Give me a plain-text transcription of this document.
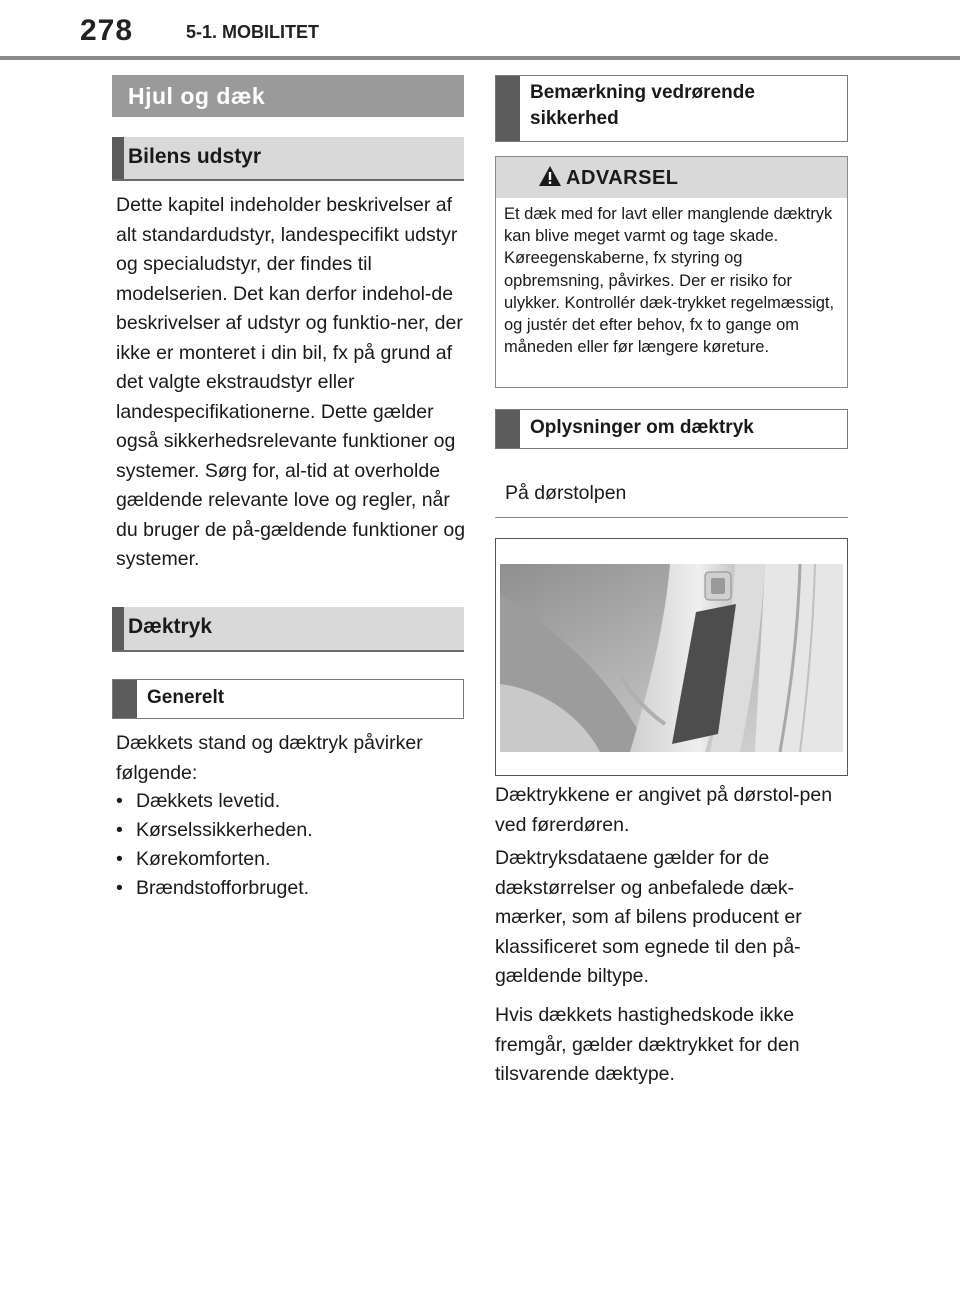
278	5-1. MOBILITET
Hjul og dæk
Bilens udstyr

Dette kapitel indeholder beskrivelser af alt standardudstyr, landespecifikt udstyr og specialudstyr, der findes til modelserien. Det kan derfor indehol-de beskrivelser af udstyr og funktio-ner, der ikke er monteret i din bil, fx på grund af det valgte ekstraudstyr eller landespecifikationerne. Dette gælder også sikkerhedsrelevante funktioner og systemer. Sørg for, al-tid at overholde gældende relevante love og regler, når du bruger de på-gældende funktioner og systemer.

Dæktryk
Generelt

Dækkets stand og dæktryk påvirker følgende:

• Dækkets levetid.
• Kørselssikkerheden.
• Kørekomforten.
• Brændstofforbruget.
Bemærkning vedrørende sikkerhed
ADVARSEL

Et dæk med for lavt eller manglende dæktryk kan blive meget varmt og tage skade. Køreegenskaberne, fx styring og opbremsning, påvirkes. Der er risiko for ulykker. Kontrollér dæk-trykket regelmæssigt, og justér det efter behov, fx to gange om måneden eller før længere køreture.

Oplysninger om dæktryk
På dørstolpen

Dæktrykkene er angivet på dørstol-pen ved førerdøren.

Dæktryksdataene gælder for de dækstørrelser og anbefalede dæk-mærker, som af bilens producent er klassificeret som egnede til den på-gældende biltype.

Hvis dækkets hastighedskode ikke fremgår, gælder dæktrykket for den tilsvarende dæktype.
